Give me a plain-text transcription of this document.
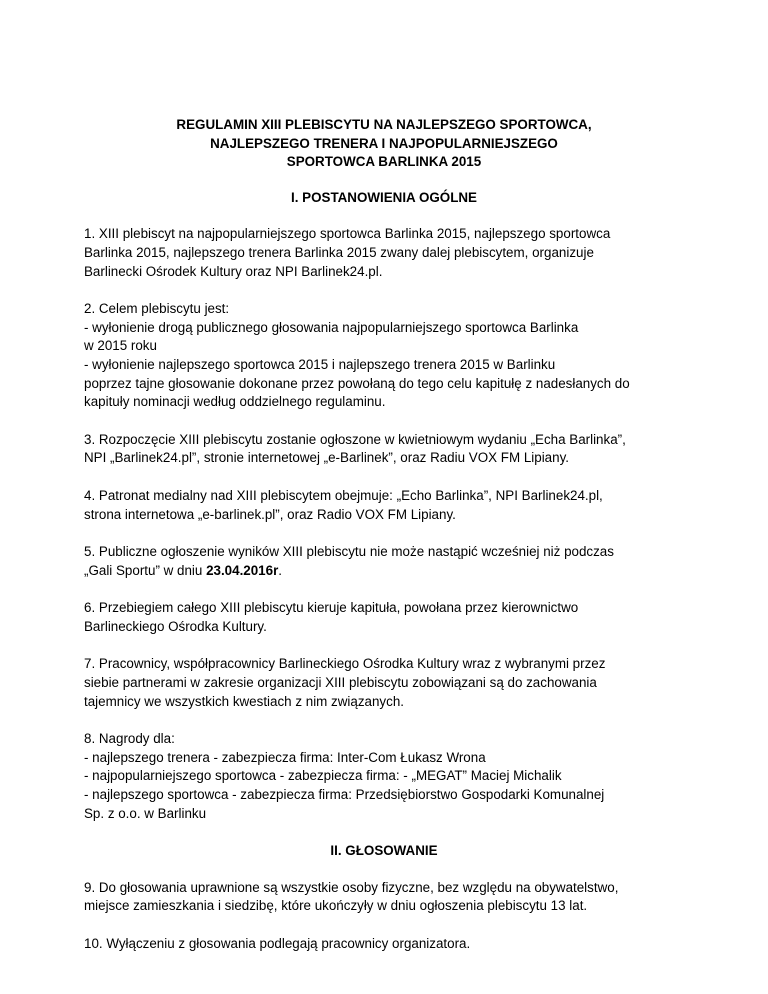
REGULAMIN XIII PLEBISCYTU NA NAJLEPSZEGO SPORTOWCA,
NAJLEPSZEGO TRENERA I NAJPOPULARNIEJSZEGO
SPORTOWCA BARLINKA 2015
I. POSTANOWIENIA OGÓLNE
1. XIII plebiscyt na najpopularniejszego sportowca Barlinka 2015, najlepszego sportowca
Barlinka 2015, najlepszego trenera Barlinka 2015 zwany dalej plebiscytem, organizuje
Barlinecki Ośrodek Kultury oraz NPI Barlinek24.pl.
2. Celem plebiscytu jest:
- wyłonienie drogą publicznego głosowania najpopularniejszego sportowca Barlinka
w 2015 roku
- wyłonienie najlepszego sportowca 2015 i najlepszego trenera 2015 w Barlinku
poprzez tajne głosowanie dokonane przez powołaną do tego celu kapitułę z nadesłanych do
kapituły nominacji według oddzielnego regulaminu.
3. Rozpoczęcie XIII plebiscytu zostanie ogłoszone w kwietniowym wydaniu „Echa Barlinka”,
NPI „Barlinek24.pl”, stronie internetowej „e-Barlinek”, oraz Radiu VOX FM Lipiany.
4. Patronat medialny nad XIII plebiscytem obejmuje: „Echo Barlinka”, NPI Barlinek24.pl,
strona internetowa „e-barlinek.pl”, oraz Radio VOX FM Lipiany.
5. Publiczne ogłoszenie wyników XIII plebiscytu nie może nastąpić wcześniej niż podczas
„Gali Sportu” w dniu 23.04.2016r.
6. Przebiegiem całego XIII plebiscytu kieruje kapituła, powołana przez kierownictwo
Barlineckiego Ośrodka Kultury.
7. Pracownicy, współpracownicy Barlineckiego Ośrodka Kultury wraz z wybranymi przez
siebie partnerami w zakresie organizacji XIII plebiscytu zobowiązani są do zachowania
tajemnicy we wszystkich kwestiach z nim związanych.
8. Nagrody dla:
- najlepszego trenera - zabezpiecza firma: Inter-Com Łukasz Wrona
- najpopularniejszego sportowca - zabezpiecza firma: - „MEGAT” Maciej Michalik
- najlepszego sportowca - zabezpiecza firma: Przedsiębiorstwo Gospodarki Komunalnej
Sp. z o.o. w Barlinku
II. GŁOSOWANIE
9. Do głosowania uprawnione są wszystkie osoby fizyczne, bez względu na obywatelstwo,
miejsce zamieszkania i siedzibę, które ukończyły w dniu ogłoszenia plebiscytu 13 lat.
10. Wyłączeniu z głosowania podlegają pracownicy organizatora.
